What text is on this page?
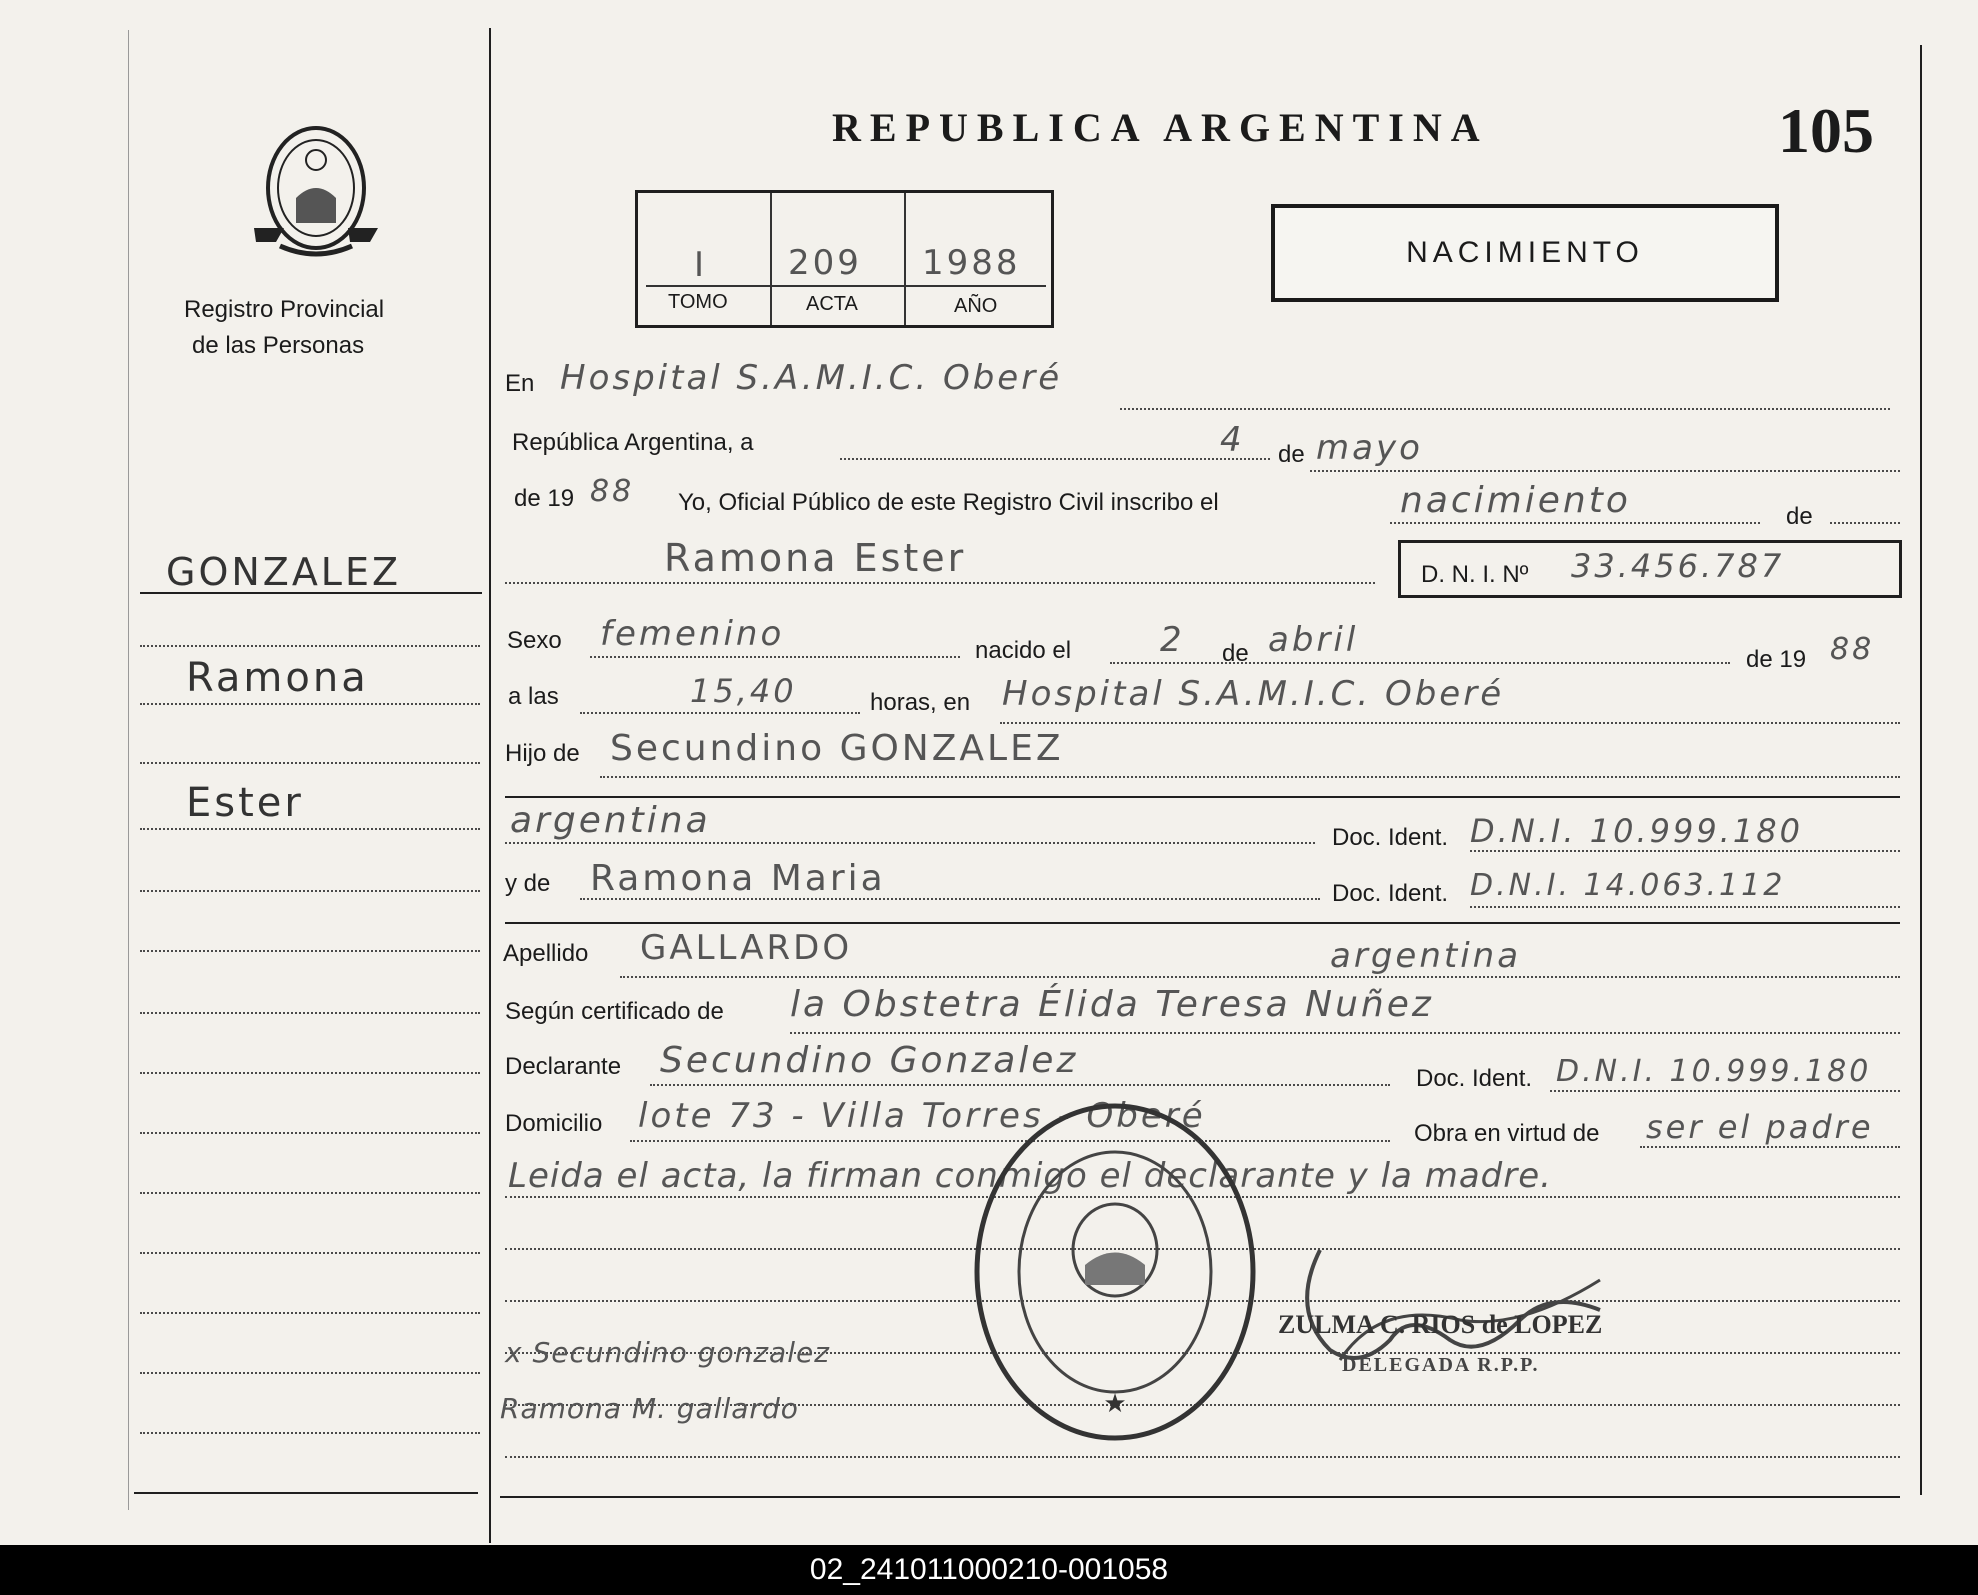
Registro Provincial
de las Personas
GONZALEZ
Ramona
Ester
REPUBLICA ARGENTINA	105
I 209 1988
TOMO	ACTA	AÑO
NACIMIENTO
En Hospital S.A.M.I.C. Oberé
República Argentina, a	4 de mayo
de 19 88 Yo, Oficial Público de este Registro Civil inscribo el	nacimiento	de
Ramona Ester	D. N. I. Nº 33.456.787
Sexo femenino	nacido el	2 de abril	de 19 88
a las	15,40	horas, en Hospital S.A.M.I.C. Oberé
Hijo de Secundino GONZALEZ
argentina	Doc. Ident. D.N.I. 10.999.180
y de Ramona Maria	Doc. Ident. D.N.I. 14.063.112
Apellido GALLARDO	argentina
Según certificado de la Obstetra Élida Teresa Nuñez
Declarante Secundino Gonzalez	Doc. Ident. D.N.I. 10.999.180
Domicilio lote 73 - Villa Torres - Oberé	Obra en virtud de ser el padre
Leida el acta, la firman conmigo el declarante y la madre.
x Secundino gonzalez
Ramona M. gallardo	★
ZULMA C. RIOS de LOPEZ
DELEGADA R.P.P.
02_241011000210-001058
